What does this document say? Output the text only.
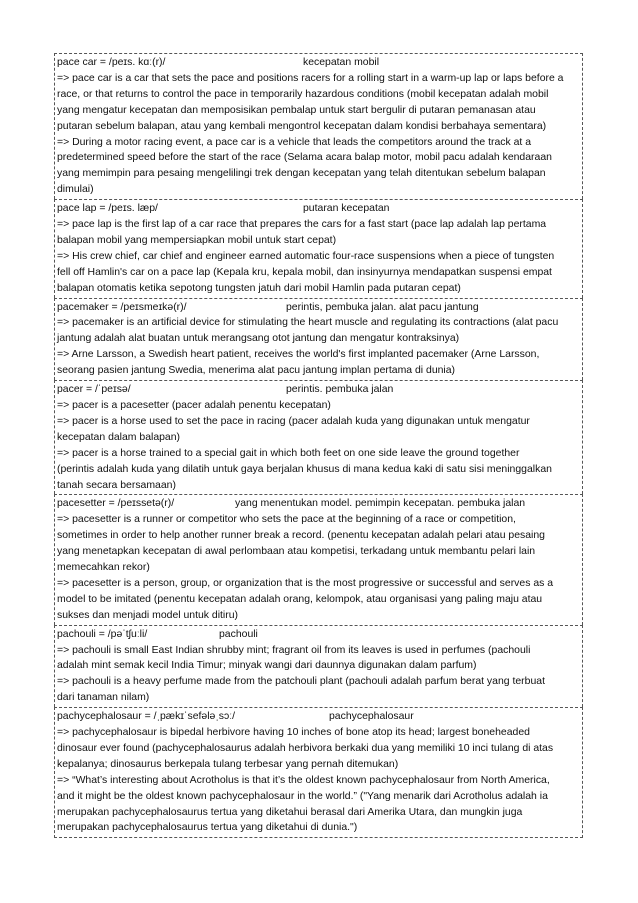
pace car = /peɪs. kɑː(r)/	kecepatan mobil
=> pace car is a car that sets the pace and positions racers for a rolling start in a warm-up lap or laps before a
race, or that returns to control the pace in temporarily hazardous conditions (mobil kecepatan adalah mobil
yang mengatur kecepatan dan memposisikan pembalap untuk start bergulir di putaran pemanasan atau
putaran sebelum balapan, atau yang kembali mengontrol kecepatan dalam kondisi berbahaya sementara)
=> During a motor racing event, a pace car is a vehicle that leads the competitors around the track at a
predetermined speed before the start of the race (Selama acara balap motor, mobil pacu adalah kendaraan
yang memimpin para pesaing mengelilingi trek dengan kecepatan yang telah ditentukan sebelum balapan
dimulai)
pace lap = /peɪs. læp/	putaran kecepatan
=> pace lap is the first lap of a car race that prepares the cars for a fast start (pace lap adalah lap pertama
balapan mobil yang mempersiapkan mobil untuk start cepat)
=> His crew chief, car chief and engineer earned automatic four-race suspensions when a piece of tungsten
fell off Hamlin's car on a pace lap (Kepala kru, kepala mobil, dan insinyurnya mendapatkan suspensi empat
balapan otomatis ketika sepotong tungsten jatuh dari mobil Hamlin pada putaran cepat)
pacemaker = /peɪsmeɪkə(r)/	perintis, pembuka jalan. alat pacu jantung
=> pacemaker is an artificial device for stimulating the heart muscle and regulating its contractions (alat pacu
jantung adalah alat buatan untuk merangsang otot jantung dan mengatur kontraksinya)
=> Arne Larsson, a Swedish heart patient, receives the world's first implanted pacemaker (Arne Larsson,
seorang pasien jantung Swedia, menerima alat pacu jantung implan pertama di dunia)
pacer = /ˈpeɪsə/	perintis. pembuka jalan
=> pacer is a pacesetter (pacer adalah penentu kecepatan)
=> pacer is a horse used to set the pace in racing (pacer adalah kuda yang digunakan untuk mengatur
kecepatan dalam balapan)
=> pacer is a horse trained to a special gait in which both feet on one side leave the ground together
(perintis adalah kuda yang dilatih untuk gaya berjalan khusus di mana kedua kaki di satu sisi meninggalkan
tanah secara bersamaan)
pacesetter = /peɪssetə(r)/	yang menentukan model. pemimpin kecepatan. pembuka jalan
=> pacesetter is a runner or competitor who sets the pace at the beginning of a race or competition,
sometimes in order to help another runner break a record. (penentu kecepatan adalah pelari atau pesaing
yang menetapkan kecepatan di awal perlombaan atau kompetisi, terkadang untuk membantu pelari lain
memecahkan rekor)
=> pacesetter is a person, group, or organization that is the most progressive or successful and serves as a
model to be imitated (penentu kecepatan adalah orang, kelompok, atau organisasi yang paling maju atau
sukses dan menjadi model untuk ditiru)
pachouli = /pəˈtʃuːli/	pachouli
=> pachouli is small East Indian shrubby mint; fragrant oil from its leaves is used in perfumes (pachouli
adalah mint semak kecil India Timur; minyak wangi dari daunnya digunakan dalam parfum)
=> pachouli is a heavy perfume made from the patchouli plant (pachouli adalah parfum berat yang terbuat
dari tanaman nilam)
pachycephalosaur = /ˌpækɪˈsefələˌsɔː/	pachycephalosaur
=> pachycephalosaur is bipedal herbivore having 10 inches of bone atop its head; largest boneheaded
dinosaur ever found (pachycephalosaurus adalah herbivora berkaki dua yang memiliki 10 inci tulang di atas
kepalanya; dinosaurus berkepala tulang terbesar yang pernah ditemukan)
=> “What’s interesting about Acrotholus is that it’s the oldest known pachycephalosaur from North America,
and it might be the oldest known pachycephalosaur in the world.” ("Yang menarik dari Acrotholus adalah ia
merupakan pachycephalosaurus tertua yang diketahui berasal dari Amerika Utara, dan mungkin juga
merupakan pachycephalosaurus tertua yang diketahui di dunia.")
